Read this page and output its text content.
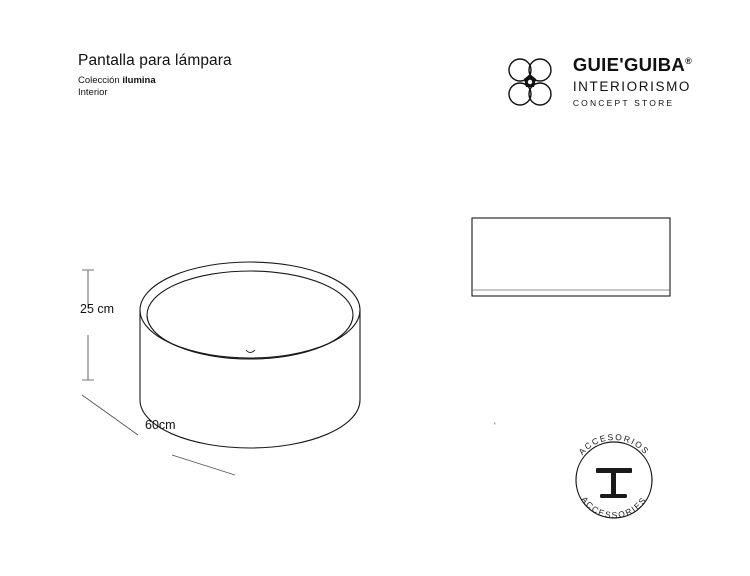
Pantalla para lámpara
Colección ilumina
Interior
GUIE'GUIBA®
INTERIORISMO
CONCEPT STORE
25 cm
60cm	'
ACCESORIOS
ACCESSORIES
